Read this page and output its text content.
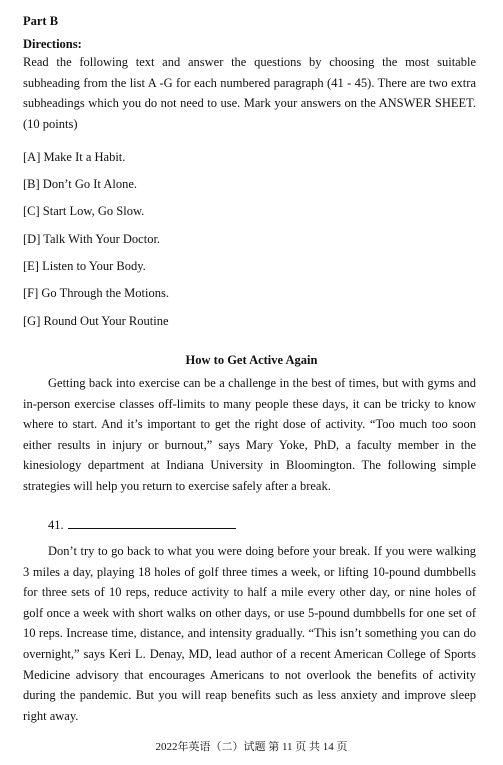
Part B
Directions:
Read the following text and answer the questions by choosing the most suitable subheading from the list A -G for each numbered paragraph (41 - 45). There are two extra subheadings which you do not need to use. Mark your answers on the ANSWER SHEET. (10 points)
[A] Make It a Habit.
[B] Don’t Go It Alone.
[C] Start Low, Go Slow.
[D] Talk With Your Doctor.
[E] Listen to Your Body.
[F] Go Through the Motions.
[G] Round Out Your Routine
How to Get Active Again
Getting back into exercise can be a challenge in the best of times, but with gyms and in-person exercise classes off-limits to many people these days, it can be tricky to know where to start. And it’s important to get the right dose of activity. “Too much too soon either results in injury or burnout,” says Mary Yoke, PhD, a faculty member in the kinesiology department at Indiana University in Bloomington. The following simple strategies will help you return to exercise safely after a break.
41.
Don’t try to go back to what you were doing before your break. If you were walking 3 miles a day, playing 18 holes of golf three times a week, or lifting 10-pound dumbbells for three sets of 10 reps, reduce activity to half a mile every other day, or nine holes of golf once a week with short walks on other days, or use 5-pound dumbbells for one set of 10 reps. Increase time, distance, and intensity gradually. “This isn’t something you can do overnight,” says Keri L. Denay, MD, lead author of a recent American College of Sports Medicine advisory that encourages Americans to not overlook the benefits of activity during the pandemic. But you will reap benefits such as less anxiety and improve sleep right away.
2022年英语（二）试题 第 11 页 共 14 页
